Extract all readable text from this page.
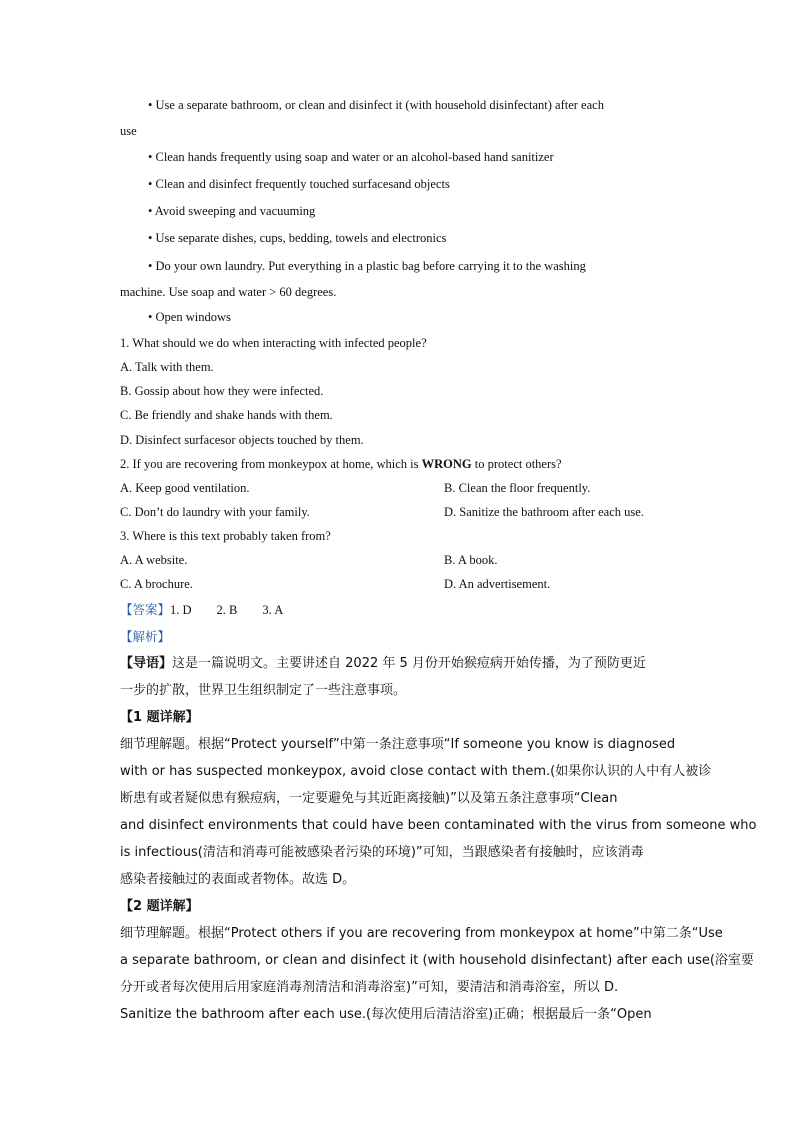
• Use a separate bathroom, or clean and disinfect it (with household disinfectant) after each
use
• Clean hands frequently using soap and water or an alcohol-based hand sanitizer
• Clean and disinfect frequently touched surfacesand objects
• Avoid sweeping and vacuuming
• Use separate dishes, cups, bedding, towels and electronics
• Do your own laundry. Put everything in a plastic bag before carrying it to the washing
machine. Use soap and water > 60 degrees.
• Open windows
1. What should we do when interacting with infected people?
A. Talk with them.
B. Gossip about how they were infected.
C. Be friendly and shake hands with them.
D. Disinfect surfacesor objects touched by them.
2. If you are recovering from monkeypox at home, which is WRONG to protect others?
A. Keep good ventilation.	B. Clean the floor frequently.
C. Don’t do laundry with your family.	D. Sanitize the bathroom after each use.
3. Where is this text probably taken from?
A. A website.	B. A book.
C. A brochure.	D. An advertisement.
【答案】1. D        2. B        3. A
【解析】
【导语】这是一篇说明文。主要讲述自 2022 年 5 月份开始猴痘病开始传播，为了预防更近
一步的扩散，世界卫生组织制定了一些注意事项。
【1 题详解】
细节理解题。根据“Protect yourself”中第一条注意事项“If someone you know is diagnosed
with or has suspected monkeypox, avoid close contact with them.(如果你认识的人中有人被诊
断患有或者疑似患有猴痘病，一定要避免与其近距离接触)”以及第五条注意事项“Clean
and disinfect environments that could have been contaminated with the virus from someone who
is infectious(清洁和消毒可能被感染者污染的环境)”可知，当跟感染者有接触时，应该消毒
感染者接触过的表面或者物体。故选 D。
【2 题详解】
细节理解题。根据“Protect others if you are recovering from monkeypox at home”中第二条“Use
a separate bathroom, or clean and disinfect it (with household disinfectant) after each use(浴室要
分开或者每次使用后用家庭消毒剂清洁和消毒浴室)”可知，要清洁和消毒浴室，所以 D.
Sanitize the bathroom after each use.(每次使用后清洁浴室)正确；根据最后一条“Open
